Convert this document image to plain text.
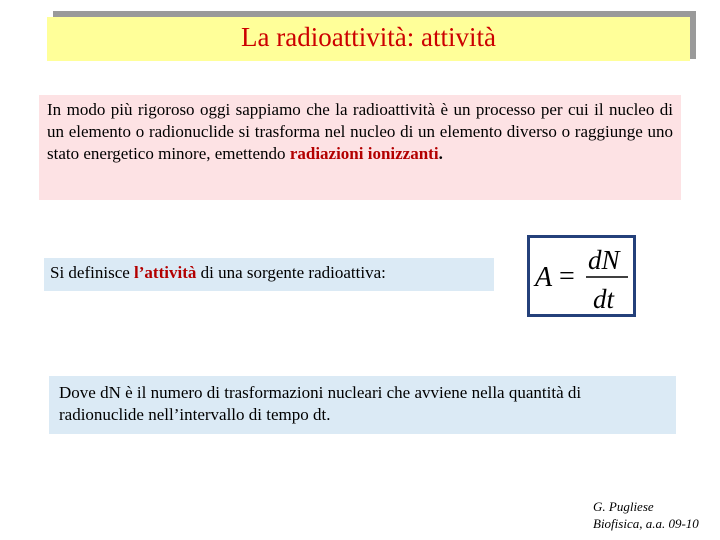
La radioattività: attività
In modo più rigoroso oggi sappiamo che la radioattività è un processo per cui il nucleo di un elemento o radionuclide si trasforma nel nucleo di un elemento diverso o raggiunge uno stato energetico minore, emettendo radiazioni ionizzanti.
Si definisce l’attività di una sorgente radioattiva:	A =
dN
dt
Dove dN è il numero di trasformazioni nucleari che avviene nella quantità di radionuclide nell’intervallo di tempo dt.
G. Pugliese
Biofisica, a.a. 09-10
